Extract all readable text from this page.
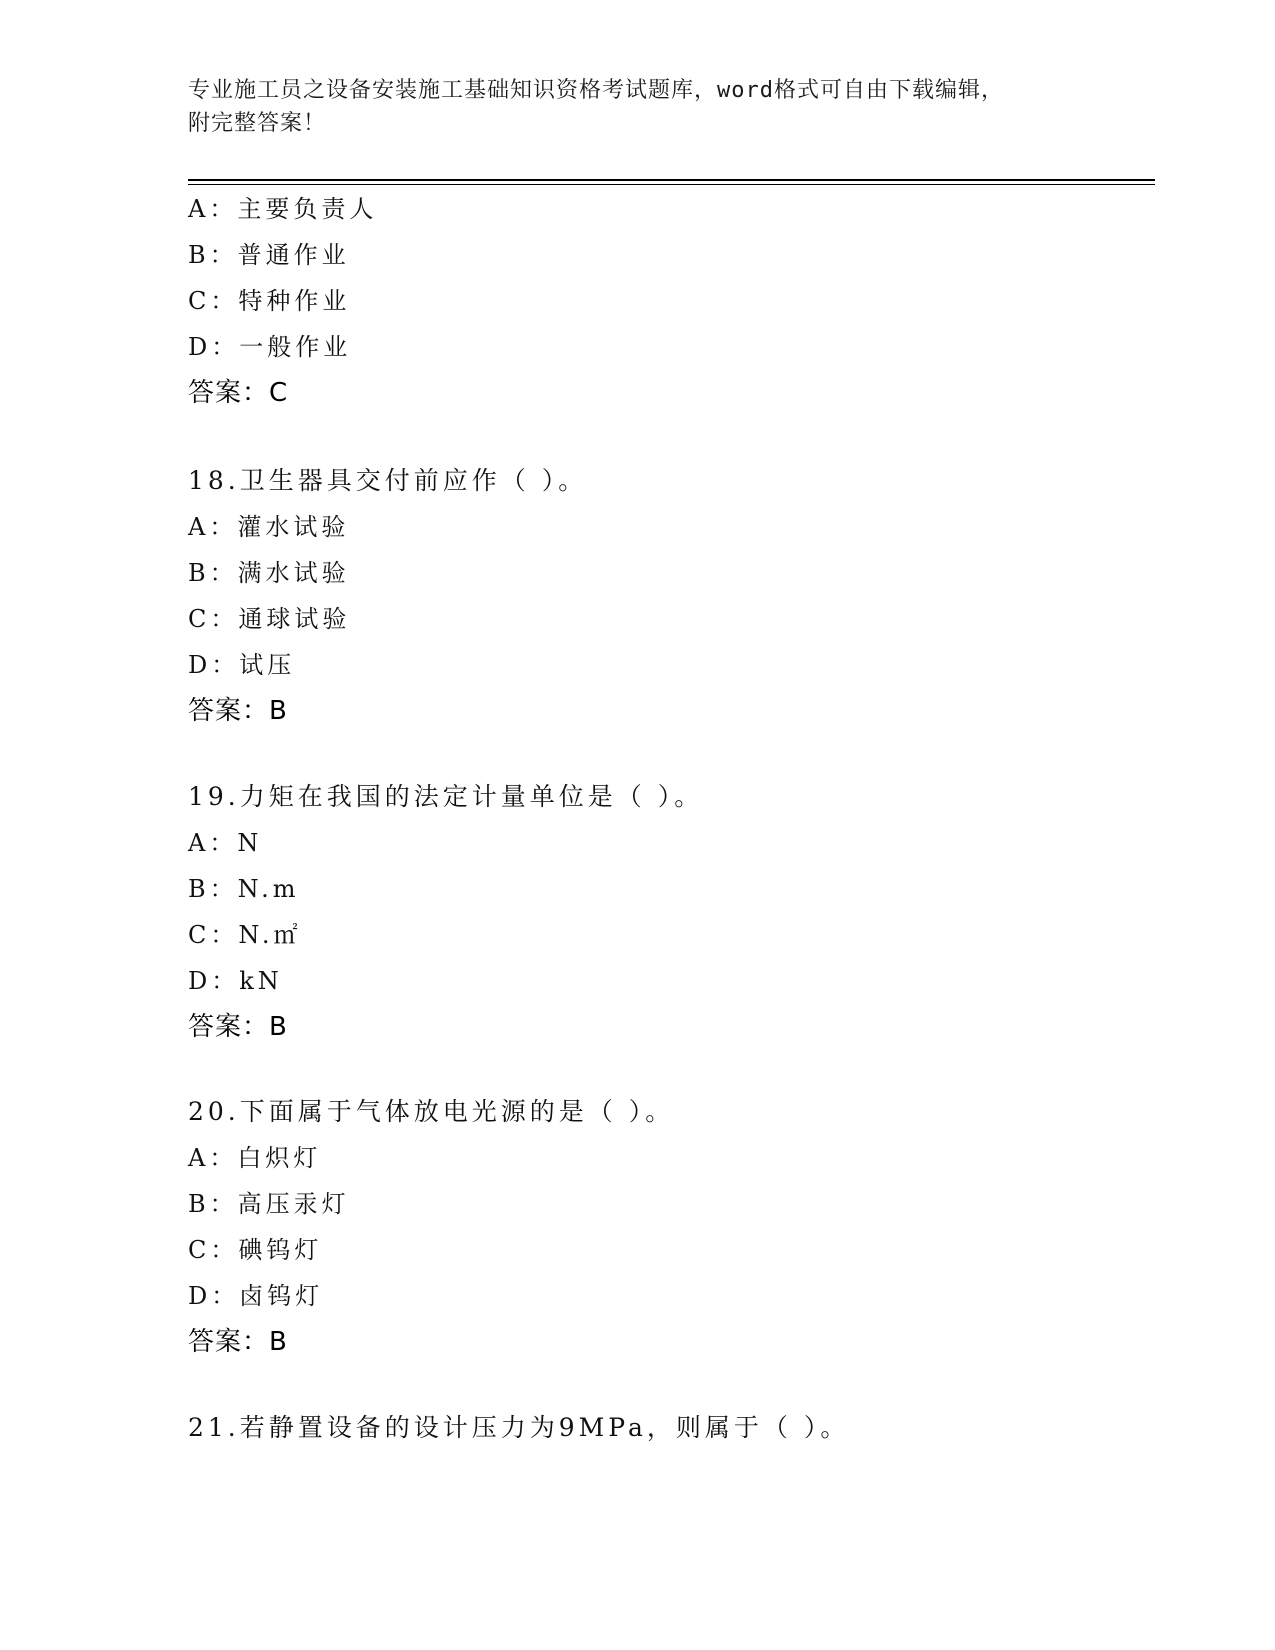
专业施工员之设备安装施工基础知识资格考试题库，word格式可自由下载编辑，
附完整答案！
A：主要负责人
B：普通作业
C：特种作业
D：一般作业
答案：C
18.卫生器具交付前应作（ ）。
A：灌水试验
B：满水试验
C：通球试验
D：试压
答案：B
19.力矩在我国的法定计量单位是（ ）。
A：N
B：N.m
C：N.㎡
D：kN
答案：B
20.下面属于气体放电光源的是（ ）。
A：白炽灯
B：高压汞灯
C：碘钨灯
D：卤钨灯
答案：B
21.若静置设备的设计压力为9MPa，则属于（ ）。
